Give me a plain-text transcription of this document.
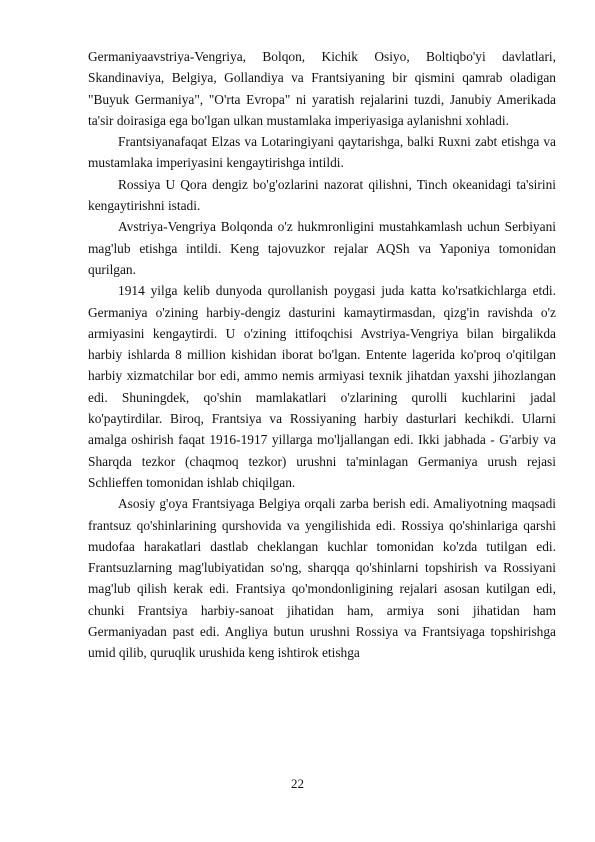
Germaniyaavstriya-Vengriya, Bolqon, Kichik Osiyo, Boltiqbo'yi davlatlari, Skandinaviya, Belgiya, Gollandiya va Frantsiyaning bir qismini qamrab oladigan "Buyuk Germaniya", "O'rta Evropa" ni yaratish rejalarini tuzdi, Janubiy Amerikada ta'sir doirasiga ega bo'lgan ulkan mustamlaka imperiyasiga aylanishni xohladi.

Frantsiyanafaqat Elzas va Lotaringiyani qaytarishga, balki Ruxni zabt etishga va mustamlaka imperiyasini kengaytirishga intildi.

Rossiya U Qora dengiz bo'g'ozlarini nazorat qilishni, Tinch okeanidagi ta'sirini kengaytirishni istadi.

Avstriya-Vengriya Bolqonda o'z hukmronligini mustahkamlash uchun Serbiyani mag'lub etishga intildi. Keng tajovuzkor rejalar AQSh va Yaponiya tomonidan qurilgan.

1914 yilga kelib dunyoda qurollanish poygasi juda katta ko'rsatkichlarga etdi. Germaniya o'zining harbiy-dengiz dasturini kamaytirmasdan, qizg'in ravishda o'z armiyasini kengaytirdi. U o'zining ittifoqchisi Avstriya-Vengriya bilan birgalikda harbiy ishlarda 8 million kishidan iborat bo'lgan. Entente lagerida ko'proq o'qitilgan harbiy xizmatchilar bor edi, ammo nemis armiyasi texnik jihatdan yaxshi jihozlangan edi. Shuningdek, qo'shin mamlakatlari o'zlarining qurolli kuchlarini jadal ko'paytirdilar. Biroq, Frantsiya va Rossiyaning harbiy dasturlari kechikdi. Ularni amalga oshirish faqat 1916-1917 yillarga mo'ljallangan edi. Ikki jabhada - G'arbiy va Sharqda tezkor (chaqmoq tezkor) urushni ta'minlagan Germaniya urush rejasi Schlieffen tomonidan ishlab chiqilgan.

Asosiy g'oya Frantsiyaga Belgiya orqali zarba berish edi. Amaliyotning maqsadi frantsuz qo'shinlarining qurshovida va yengilishida edi. Rossiya qo'shinlariga qarshi mudofaa harakatlari dastlab cheklangan kuchlar tomonidan ko'zda tutilgan edi. Frantsuzlarning mag'lubiyatidan so'ng, sharqqa qo'shinlarni topshirish va Rossiyani mag'lub qilish kerak edi. Frantsiya qo'mondonligining rejalari asosan kutilgan edi, chunki Frantsiya harbiy-sanoat jihatidan ham, armiya soni jihatidan ham Germaniyadan past edi. Angliya butun urushni Rossiya va Frantsiyaga topshirishga umid qilib, quruqlik urushida keng ishtirok etishga

22
